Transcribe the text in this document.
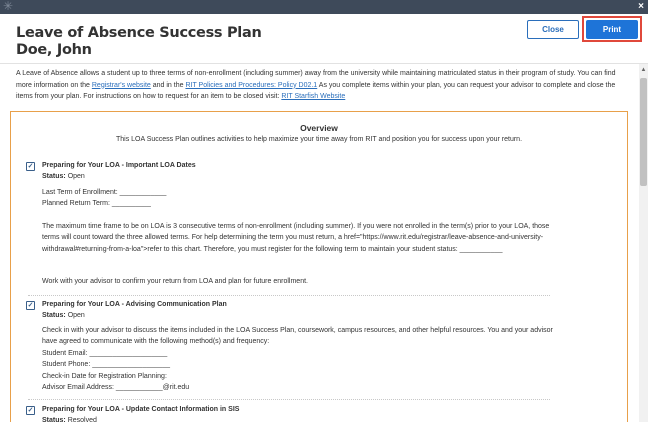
✳	×
Leave of Absence Success Plan
Doe, John
Close	Print
▲
A Leave of Absence allows a student up to three terms of non-enrollment (including summer) away from the university while maintaining matriculated status in their program of study. You can find more information on the Registrar's website and in the RIT Policies and Procedures: Policy D02.1 As you complete items within your plan, you can request your advisor to complete and close the items from your plan. For instructions on how to request for an item to be closed visit: RIT Starfish Website
Overview
This LOA Success Plan outlines activities to help maximize your time away from RIT and position you for success upon your return.
✓ Preparing for Your LOA - Important LOA Dates
Status: Open
Last Term of Enrollment: ____________
Planned Return Term: __________
The maximum time frame to be on LOA is 3 consecutive terms of non-enrollment (including summer). If you were not enrolled in the term(s) prior to your LOA, those terms will count toward the three allowed terms. For help determining the term you must return, a href="https://www.rit.edu/registrar/leave-absence-and-university-withdrawal#returning-from-a-loa">refer to this chart. Therefore, you must register for the following term to maintain your student status: ___________
Work with your advisor to confirm your return from LOA and plan for future enrollment.
✓ Preparing for Your LOA - Advising Communication Plan
Status: Open
Check in with your advisor to discuss the items included in the LOA Success Plan, coursework, campus resources, and other helpful resources. You and your advisor have agreed to communicate with the following method(s) and frequency:
Student Email: ____________________
Student Phone: ____________________
Check-in Date for Registration Planning:
Advisor Email Address: ____________@rit.edu
✓ Preparing for Your LOA - Update Contact Information in SIS
Status: Resolved
